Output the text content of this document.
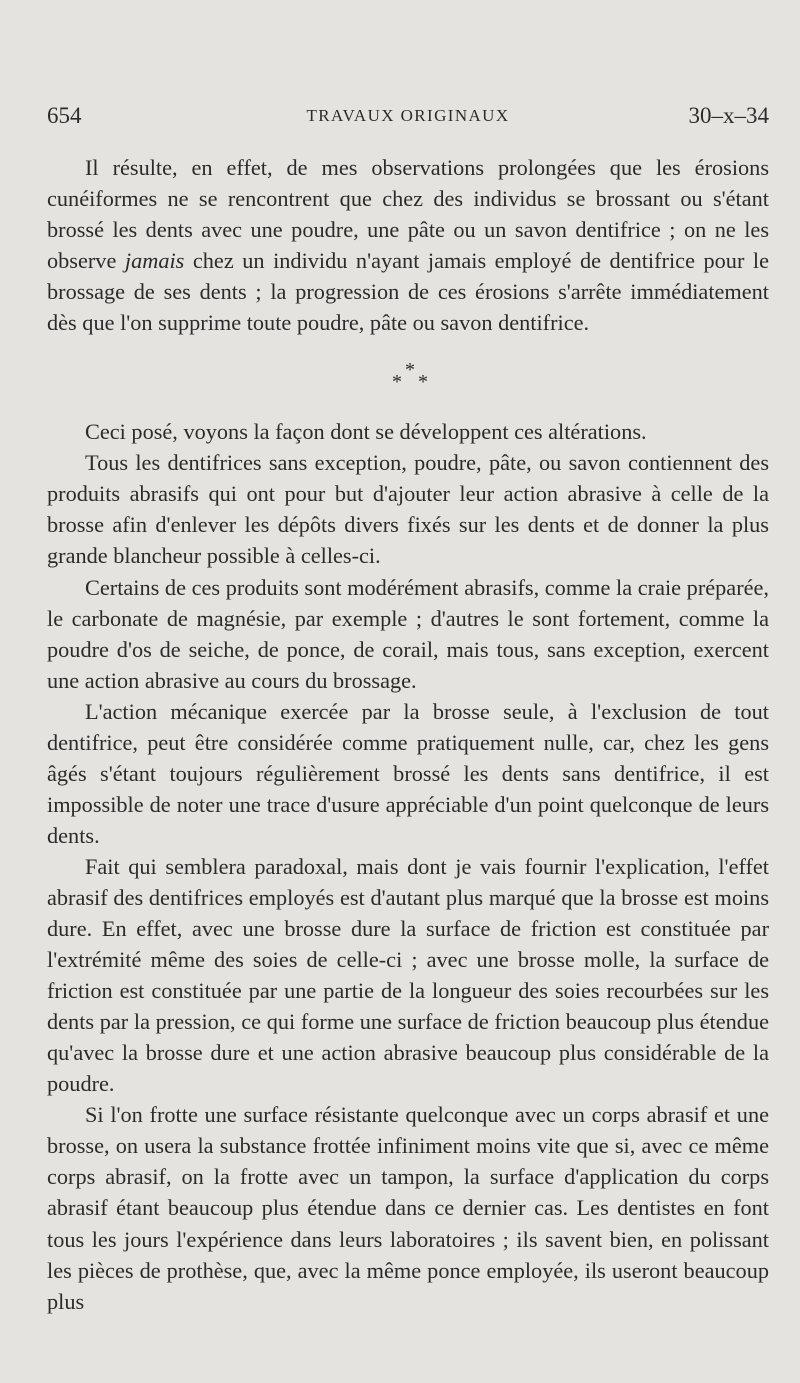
654	TRAVAUX ORIGINAUX	30–x–34

Il résulte, en effet, de mes observations prolongées que les érosions cunéiformes ne se rencontrent que chez des individus se brossant ou s'étant brossé les dents avec une poudre, une pâte ou un savon dentifrice ; on ne les observe jamais chez un individu n'ayant jamais employé de dentifrice pour le brossage de ses dents ; la progression de ces érosions s'arrête immédiatement dès que l'on supprime toute poudre, pâte ou savon dentifrice.

*
* *

Ceci posé, voyons la façon dont se développent ces altérations.

Tous les dentifrices sans exception, poudre, pâte, ou savon contiennent des produits abrasifs qui ont pour but d'ajouter leur action abrasive à celle de la brosse afin d'enlever les dépôts divers fixés sur les dents et de donner la plus grande blancheur possible à celles-ci.

Certains de ces produits sont modérément abrasifs, comme la craie préparée, le carbonate de magnésie, par exemple ; d'autres le sont fortement, comme la poudre d'os de seiche, de ponce, de corail, mais tous, sans exception, exercent une action abrasive au cours du brossage.

L'action mécanique exercée par la brosse seule, à l'exclusion de tout dentifrice, peut être considérée comme pratiquement nulle, car, chez les gens âgés s'étant toujours régulièrement brossé les dents sans dentifrice, il est impossible de noter une trace d'usure appréciable d'un point quelconque de leurs dents.

Fait qui semblera paradoxal, mais dont je vais fournir l'explication, l'effet abrasif des dentifrices employés est d'autant plus marqué que la brosse est moins dure. En effet, avec une brosse dure la surface de friction est constituée par l'extrémité même des soies de celle-ci ; avec une brosse molle, la surface de friction est constituée par une partie de la longueur des soies recourbées sur les dents par la pression, ce qui forme une surface de friction beaucoup plus étendue qu'avec la brosse dure et une action abrasive beaucoup plus considérable de la poudre.

Si l'on frotte une surface résistante quelconque avec un corps abrasif et une brosse, on usera la substance frottée infiniment moins vite que si, avec ce même corps abrasif, on la frotte avec un tampon, la surface d'application du corps abrasif étant beaucoup plus étendue dans ce dernier cas. Les dentistes en font tous les jours l'expérience dans leurs laboratoires ; ils savent bien, en polissant les pièces de prothèse, que, avec la même ponce employée, ils useront beaucoup plus
